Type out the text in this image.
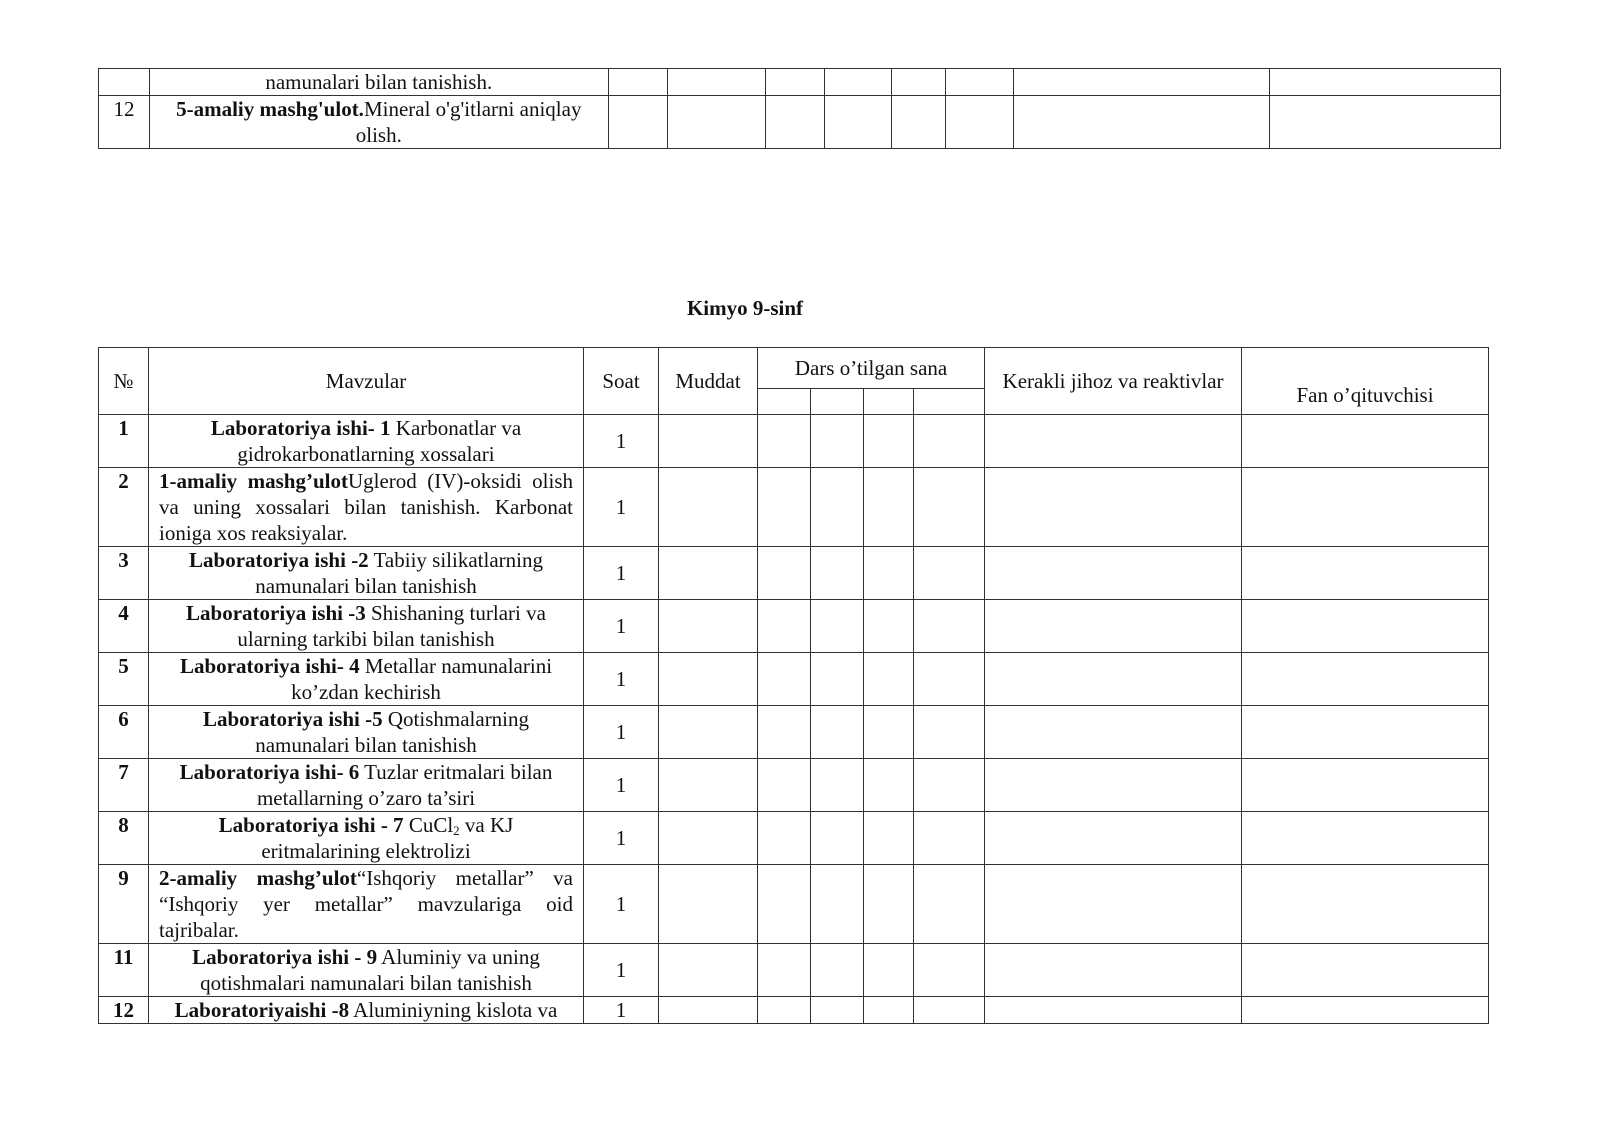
	namunalari bilan tanishish.								
12	5-amaliy mashg'ulot.Mineral o'g'itlarni aniqlay olish.								
Kimyo 9-sinf
№	Mavzular	Soat	Muddat	Dars o’tilgan sana				Kerakli jihoz va reaktivlar	Fan o’qituvchisi

1	Laboratoriya ishi- 1 Karbonatlar va gidrokarbonatlarning xossalari	1							
2	1-amaliy mashg’ulotUglerod (IV)-oksidi olish va uning xossalari bilan tanishish. Karbonat ioniga xos reaksiyalar.	1							
3	Laboratoriya ishi -2 Tabiiy silikatlarning namunalari bilan tanishish	1							
4	Laboratoriya ishi -3 Shishaning turlari va ularning tarkibi bilan tanishish	1							
5	Laboratoriya ishi- 4 Metallar namunalarini ko’zdan kechirish	1							
6	Laboratoriya ishi -5 Qotishmalarning namunalari bilan tanishish	1							
7	Laboratoriya ishi- 6 Tuzlar eritmalari bilan metallarning o’zaro ta’siri	1							
8	Laboratoriya ishi - 7 CuCl$_2$ va KJ eritmalarining elektrolizi	1							
9	2-amaliy mashg’ulot“Ishqoriy metallar” va “Ishqoriy yer metallar” mavzulariga oid tajribalar.	1							
11	Laboratoriya ishi - 9 Aluminiy va uning qotishmalari namunalari bilan tanishish	1							
12	Laboratoriyaishi -8 Aluminiyning kislota va	1							
